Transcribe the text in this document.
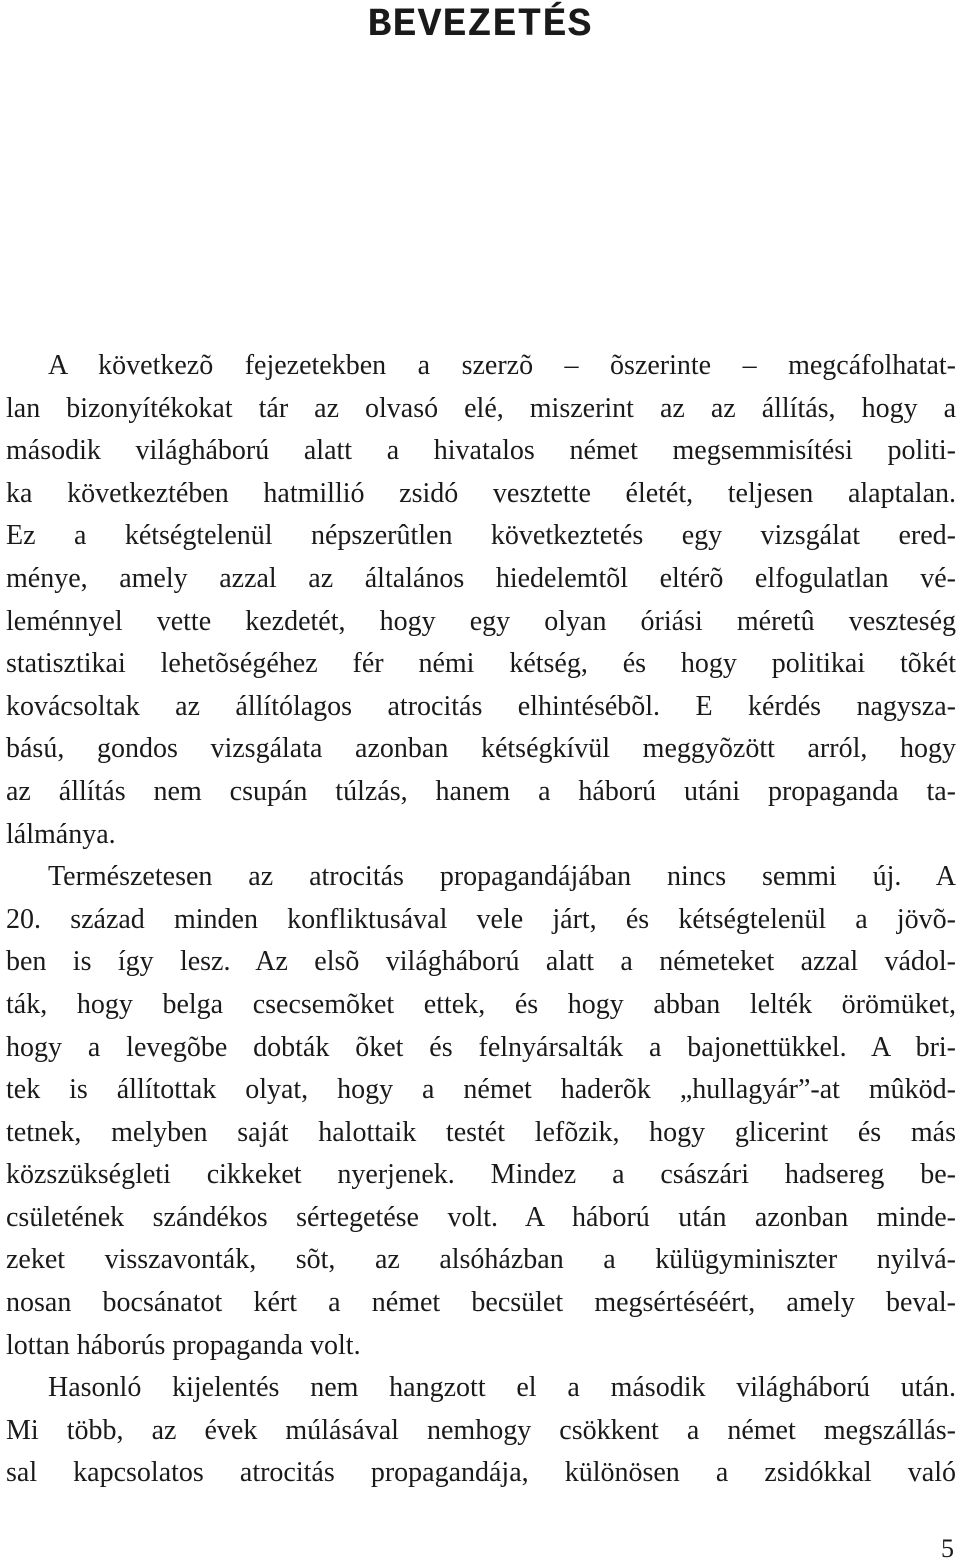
BEVEZETÉS
A következõ fejezetekben a szerzõ – õszerinte – megcáfolhatat-
lan bizonyítékokat tár az olvasó elé, miszerint az az állítás, hogy a
második világháború alatt a hivatalos német megsemmisítési politi-
ka következtében hatmillió zsidó vesztette életét, teljesen alaptalan.
Ez a kétségtelenül népszerûtlen következtetés egy vizsgálat ered-
ménye, amely azzal az általános hiedelemtõl eltérõ elfogulatlan vé-
leménnyel vette kezdetét, hogy egy olyan óriási méretû veszteség
statisztikai lehetõségéhez fér némi kétség, és hogy politikai tõkét
kovácsoltak az állítólagos atrocitás elhintésébõl. E kérdés nagysza-
bású, gondos vizsgálata azonban kétségkívül meggyõzött arról, hogy
az állítás nem csupán túlzás, hanem a háború utáni propaganda ta-
lálmánya.
Természetesen az atrocitás propagandájában nincs semmi új. A
20. század minden konfliktusával vele járt, és kétségtelenül a jövõ-
ben is így lesz. Az elsõ világháború alatt a németeket azzal vádol-
ták, hogy belga csecsemõket ettek, és hogy abban lelték örömüket,
hogy a levegõbe dobták õket és felnyársalták a bajonettükkel. A bri-
tek is állítottak olyat, hogy a német haderõk „hullagyár”-at mûköd-
tetnek, melyben saját halottaik testét lefõzik, hogy glicerint és más
közszükségleti cikkeket nyerjenek. Mindez a császári hadsereg be-
csületének szándékos sértegetése volt. A háború után azonban minde-
zeket visszavonták, sõt, az alsóházban a külügyminiszter nyilvá-
nosan bocsánatot kért a német becsület megsértéséért, amely beval-
lottan háborús propaganda volt.
Hasonló kijelentés nem hangzott el a második világháború után.
Mi több, az évek múlásával nemhogy csökkent a német megszállás-
sal kapcsolatos atrocitás propagandája, különösen a zsidókkal való
5
